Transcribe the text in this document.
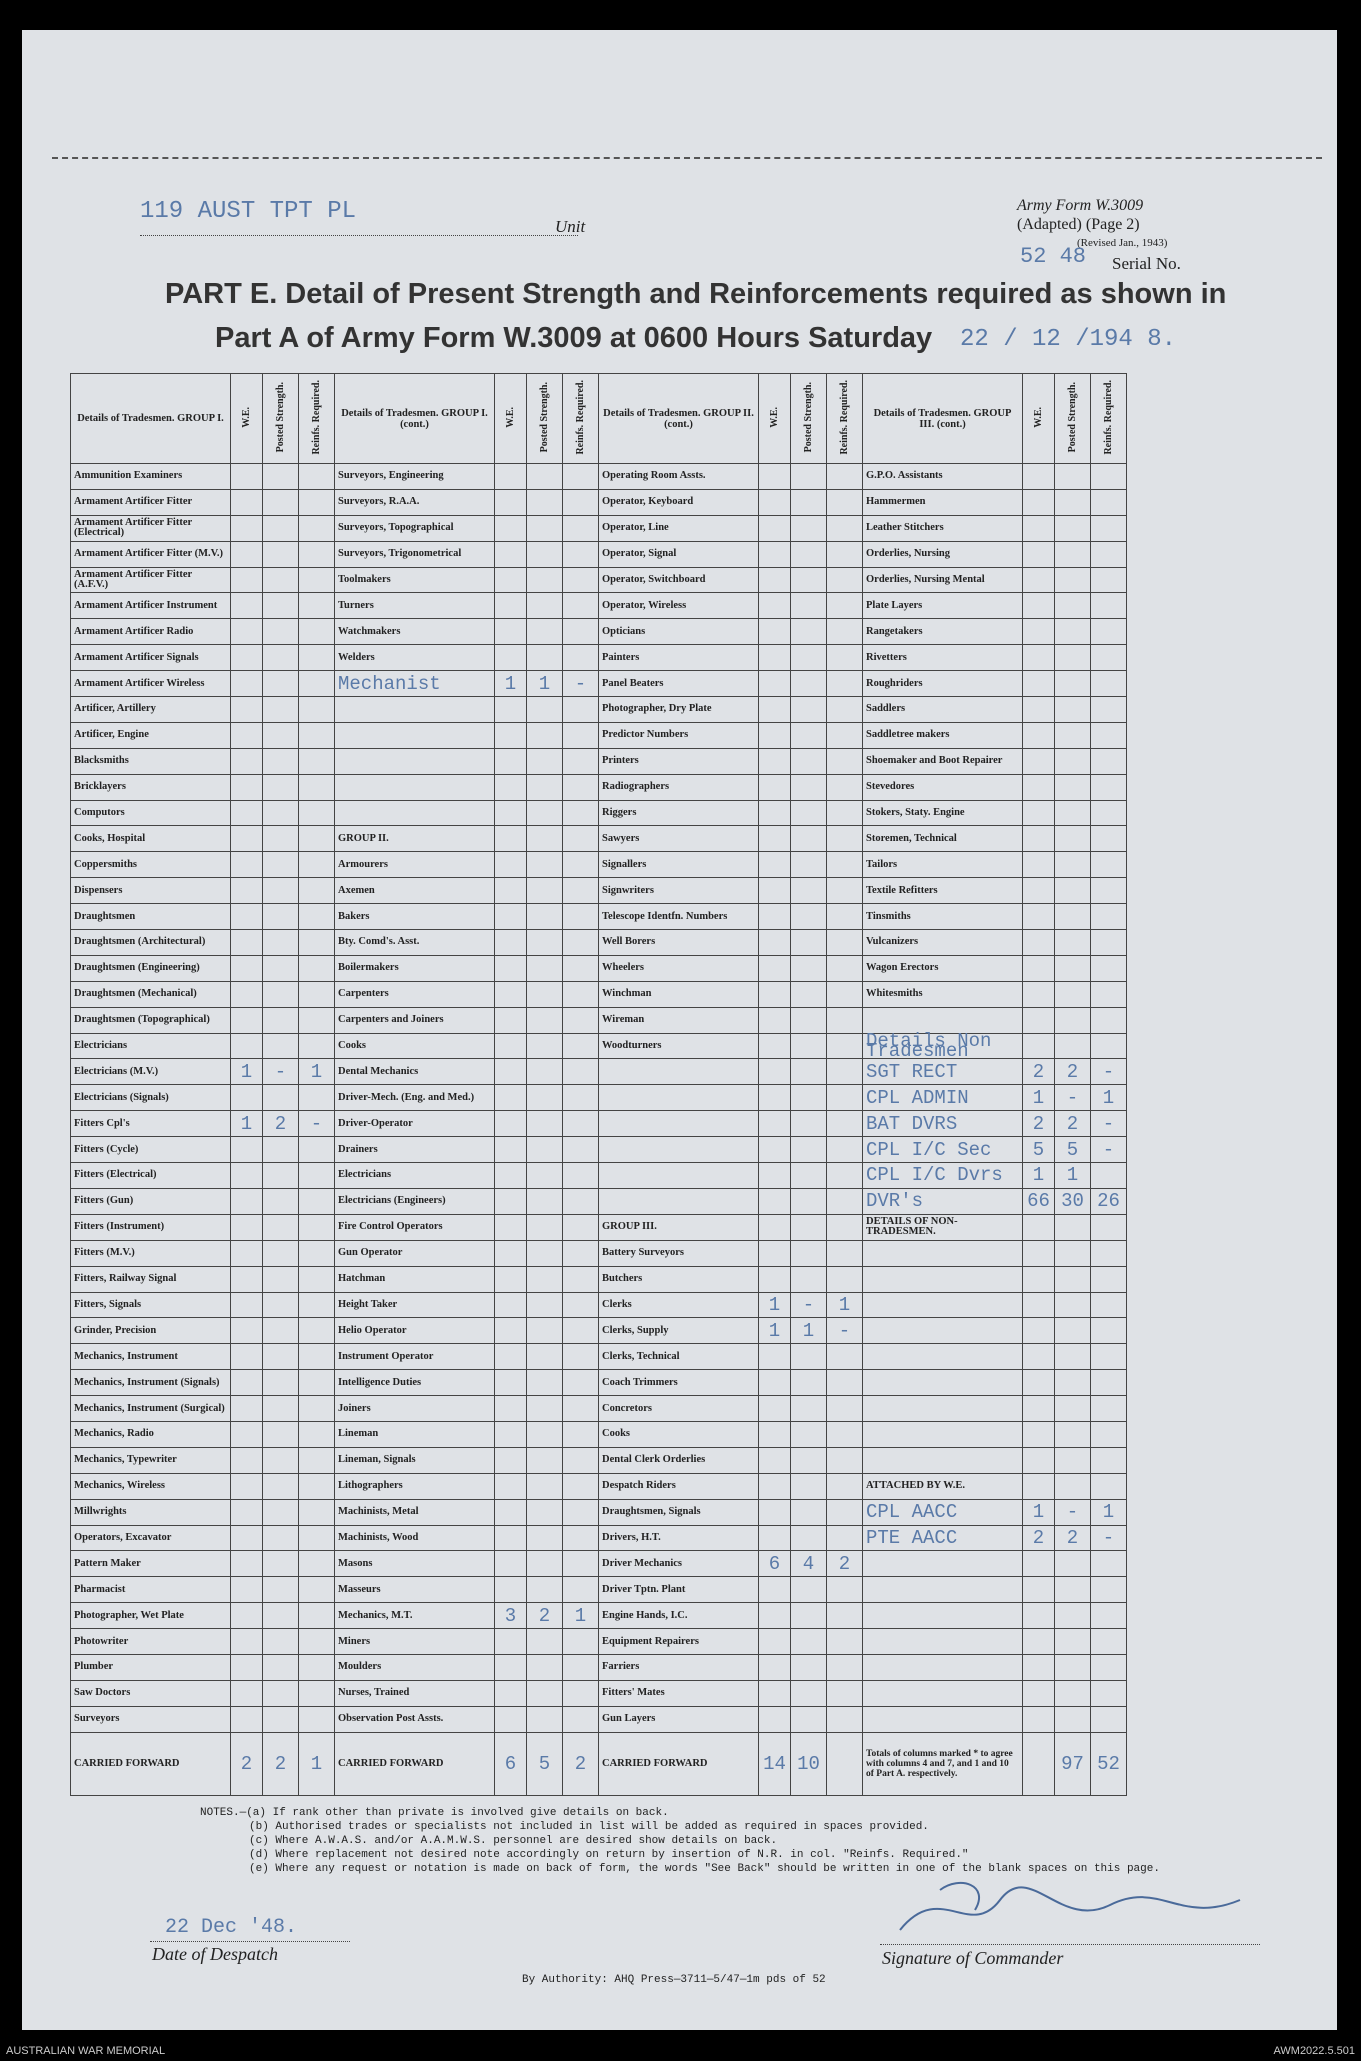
119 AUST TPT PL
Unit
Army Form W.3009
(Adapted) (Page 2)
(Revised Jan., 1943)
52 48 Serial No.
PART E. Detail of Present Strength and Reinforcements required as shown in
Part A of Army Form W.3009 at 0600 Hours Saturday 22 / 12 /194 8.
Details of Tradesmen. GROUP I.	W.E.	Posted Strength.	Reinfs. Required.	Details of Tradesmen. GROUP I. (cont.)	W.E.	Posted Strength.	Reinfs. Required.	Details of Tradesmen. GROUP II. (cont.)	W.E.	Posted Strength.	Reinfs. Required.	Details of Tradesmen. GROUP III. (cont.)	W.E.	Posted Strength.	Reinfs. Required.
Ammunition Examiners				Surveyors, Engineering				Operating Room Assts.				G.P.O. Assistants			
Armament Artificer Fitter				Surveyors, R.A.A.				Operator, Keyboard				Hammermen			
Armament Artificer Fitter (Electrical)				Surveyors, Topographical				Operator, Line				Leather Stitchers			
Armament Artificer Fitter (M.V.)				Surveyors, Trigonometrical				Operator, Signal				Orderlies, Nursing			
Armament Artificer Fitter (A.F.V.)				Toolmakers				Operator, Switchboard				Orderlies, Nursing Mental			
Armament Artificer Instrument				Turners				Operator, Wireless				Plate Layers			
Armament Artificer Radio				Watchmakers				Opticians				Rangetakers			
Armament Artificer Signals				Welders				Painters				Rivetters			
Armament Artificer Wireless				Mechanist	1	1	-	Panel Beaters				Roughriders			
Artificer, Artillery								Photographer, Dry Plate				Saddlers			
Artificer, Engine								Predictor Numbers				Saddletree makers			
Blacksmiths								Printers				Shoemaker and Boot Repairer			
Bricklayers								Radiographers				Stevedores			
Computors								Riggers				Stokers, Staty. Engine			
Cooks, Hospital				GROUP II.				Sawyers				Storemen, Technical			
Coppersmiths				Armourers				Signallers				Tailors			
Dispensers				Axemen				Signwriters				Textile Refitters			
Draughtsmen				Bakers				Telescope Identfn. Numbers				Tinsmiths			
Draughtsmen (Architectural)				Bty. Comd's. Asst.				Well Borers				Vulcanizers			
Draughtsmen (Engineering)				Boilermakers				Wheelers				Wagon Erectors			
Draughtsmen (Mechanical)				Carpenters				Winchman				Whitesmiths			
Draughtsmen (Topographical)				Carpenters and Joiners				Wireman							
Electricians				Cooks				Woodturners				Details Non Tradesmen			
Electricians (M.V.)	1	-	1	Dental Mechanics								SGT RECT	2	2	-
Electricians (Signals)				Driver-Mech. (Eng. and Med.)								CPL ADMIN	1	-	1
Fitters Cpl's	1	2	-	Driver-Operator								BAT DVRS	2	2	-
Fitters (Cycle)				Drainers								CPL I/C Sec	5	5	-
Fitters (Electrical)				Electricians								CPL I/C Dvrs	1	1	
Fitters (Gun)				Electricians (Engineers)								DVR's	66	30	26
Fitters (Instrument)				Fire Control Operators				GROUP III.				DETAILS OF NON-TRADESMEN.			
Fitters (M.V.)				Gun Operator				Battery Surveyors							
Fitters, Railway Signal				Hatchman				Butchers							
Fitters, Signals				Height Taker				Clerks	1	-	1				
Grinder, Precision				Helio Operator				Clerks, Supply	1	1	-				
Mechanics, Instrument				Instrument Operator				Clerks, Technical							
Mechanics, Instrument (Signals)				Intelligence Duties				Coach Trimmers							
Mechanics, Instrument (Surgical)				Joiners				Concretors							
Mechanics, Radio				Lineman				Cooks							
Mechanics, Typewriter				Lineman, Signals				Dental Clerk Orderlies							
Mechanics, Wireless				Lithographers				Despatch Riders				ATTACHED BY W.E.			
Millwrights				Machinists, Metal				Draughtsmen, Signals				CPL AACC	1	-	1
Operators, Excavator				Machinists, Wood				Drivers, H.T.				PTE AACC	2	2	-
Pattern Maker				Masons				Driver Mechanics	6	4	2				
Pharmacist				Masseurs				Driver Tptn. Plant							
Photographer, Wet Plate				Mechanics, M.T.	3	2	1	Engine Hands, I.C.							
Photowriter				Miners				Equipment Repairers							
Plumber				Moulders				Farriers							
Saw Doctors				Nurses, Trained				Fitters' Mates							
Surveyors				Observation Post Assts.				Gun Layers							
CARRIED FORWARD	2	2	1	CARRIED FORWARD	6	5	2	CARRIED FORWARD	14	10		Totals of columns marked * to agree with columns 4 and 7, and 1 and 10 of Part A. respectively.		97	52
NOTES.—(a) If rank other than private is involved give details on back.
(b) Authorised trades or specialists not included in list will be added as required in spaces provided.
(c) Where A.W.A.S. and/or A.A.M.W.S. personnel are desired show details on back.
(d) Where replacement not desired note accordingly on return by insertion of N.R. in col. "Reinfs. Required."
(e) Where any request or notation is made on back of form, the words "See Back" should be written in one of the blank spaces on this page.
22 Dec '48.
Date of Despatch	Signature of Commander
By Authority: AHQ Press—3711—5/47—1m pds of 52
AUSTRALIAN WAR MEMORIAL	AWM2022.5.501
